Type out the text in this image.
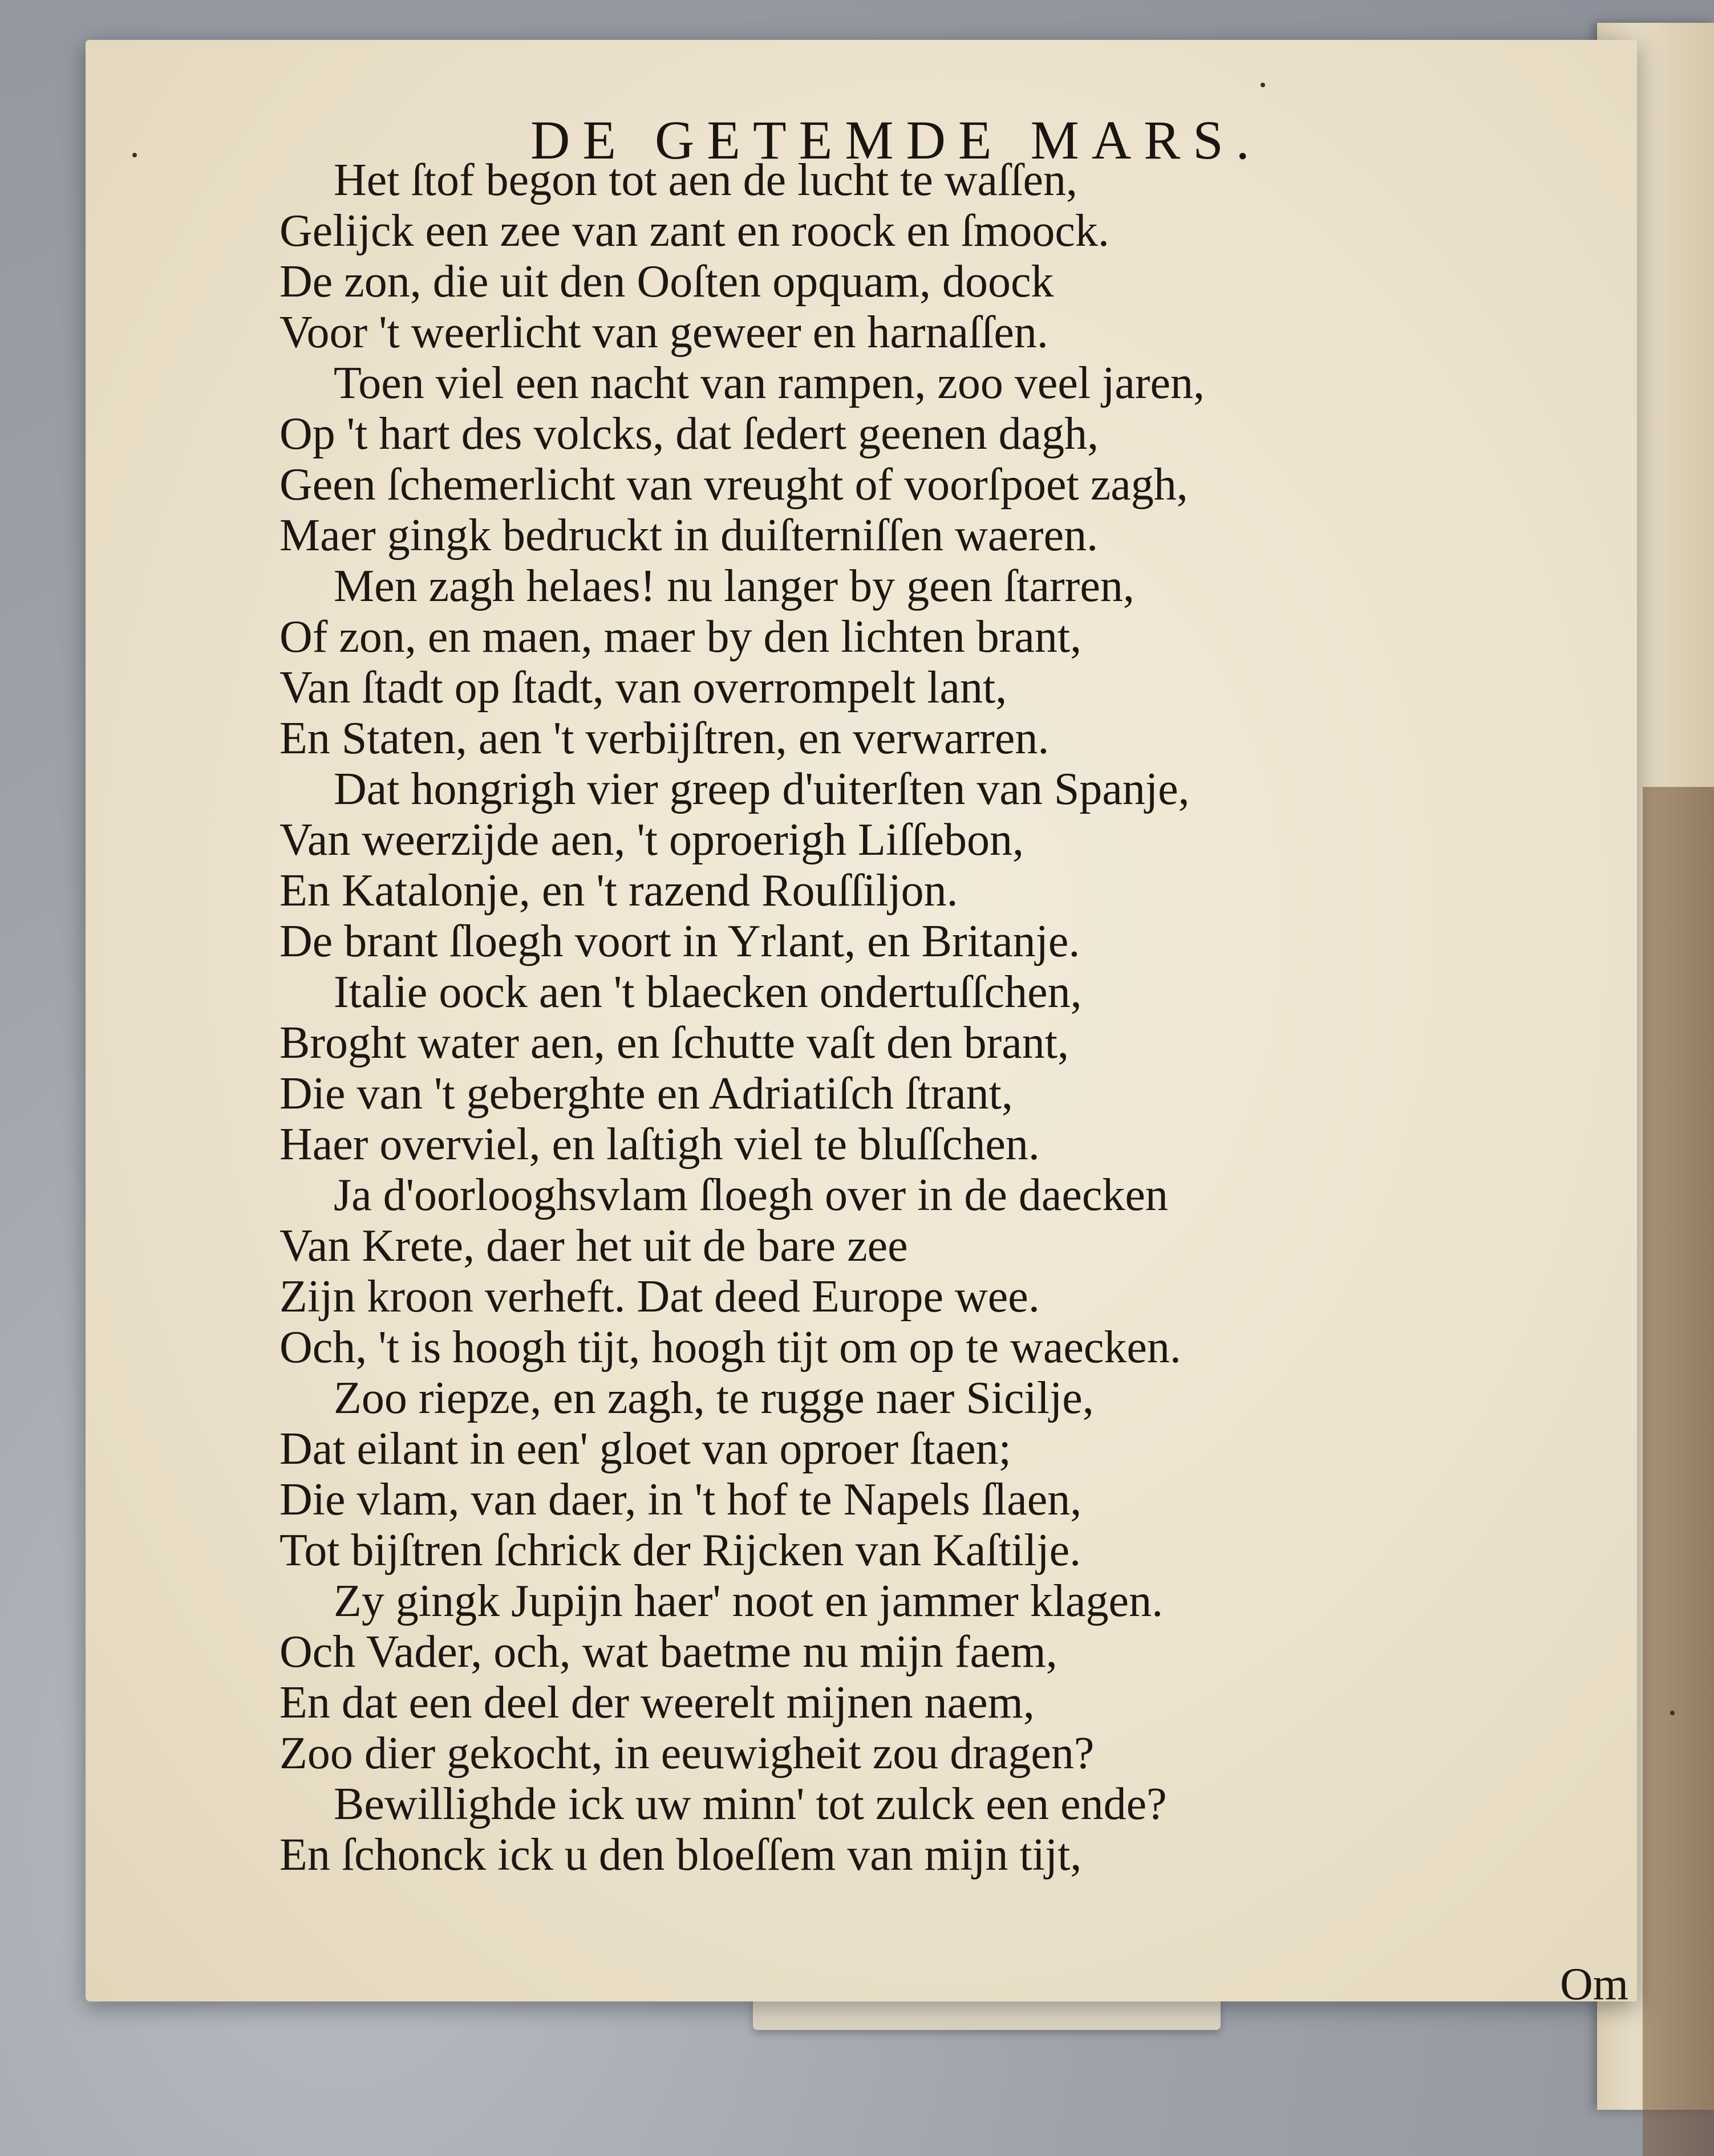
DE GETEMDE MARS.
Het ſtof begon tot aen de lucht te waſſen,
Gelijck een zee van zant en roock en ſmoock.
De zon, die uit den Ooſten opquam, doock
Voor 't weerlicht van geweer en harnaſſen.
Toen viel een nacht van rampen, zoo veel jaren,
Op 't hart des volcks, dat ſedert geenen dagh,
Geen ſchemerlicht van vreught of voorſpoet zagh,
Maer gingk bedruckt in duiſterniſſen waeren.
Men zagh helaes! nu langer by geen ſtarren,
Of zon, en maen, maer by den lichten brant,
Van ſtadt op ſtadt, van overrompelt lant,
En Staten, aen 't verbijſtren, en verwarren.
Dat hongrigh vier greep d'uiterſten van Spanje,
Van weerzijde aen, 't oproerigh Liſſebon,
En Katalonje, en 't razend Rouſſiljon.
De brant ſloegh voort in Yrlant, en Britanje.
Italie oock aen 't blaecken ondertuſſchen,
Broght water aen, en ſchutte vaſt den brant,
Die van 't geberghte en Adriatiſch ſtrant,
Haer overviel, en laſtigh viel te bluſſchen.
Ja d'oorlooghsvlam ſloegh over in de daecken
Van Krete, daer het uit de bare zee
Zijn kroon verheft. Dat deed Europe wee.
Och, 't is hoogh tijt, hoogh tijt om op te waecken.
Zoo riepze, en zagh, te rugge naer Sicilje,
Dat eilant in een' gloet van oproer ſtaen;
Die vlam, van daer, in 't hof te Napels ſlaen,
Tot bijſtren ſchrick der Rijcken van Kaſtilje.
Zy gingk Jupijn haer' noot en jammer klagen.
Och Vader, och, wat baetme nu mijn faem,
En dat een deel der weerelt mijnen naem,
Zoo dier gekocht, in eeuwigheit zou dragen?
Bewillighde ick uw minn' tot zulck een ende?
En ſchonck ick u den bloeſſem van mijn tijt,
Om
